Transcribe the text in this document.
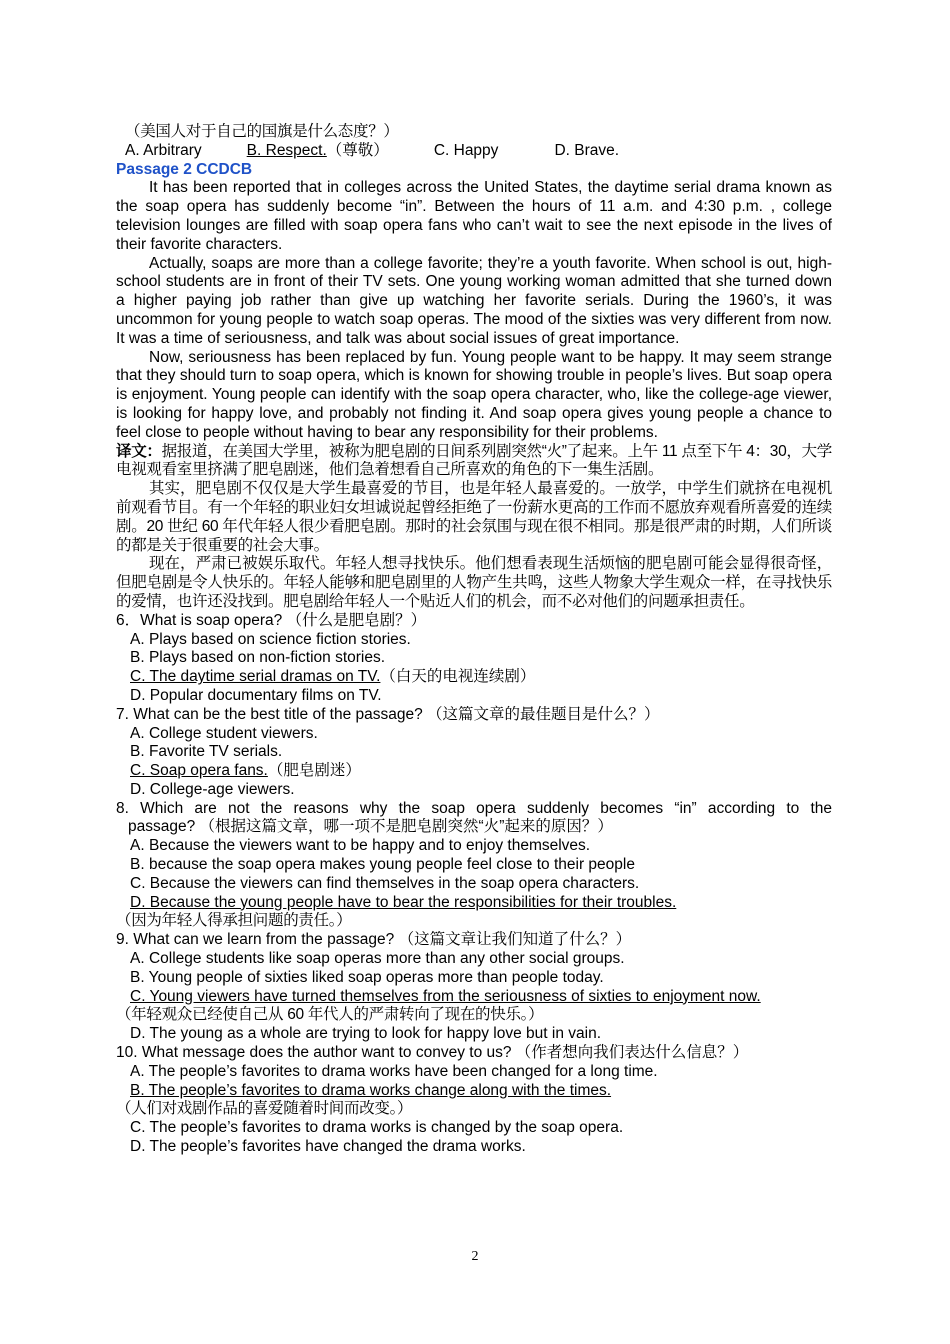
（美国人对于自己的国旗是什么态度？）
A. Arbitrary	B. Respect.（尊敬）	C. Happy	D. Brave.
Passage 2 CCDCB
It has been reported that in colleges across the United States, the daytime serial drama known as the soap opera has suddenly become “in”. Between the hours of 11 a.m. and 4:30 p.m. , college television lounges are filled with soap opera fans who can’t wait to see the next episode in the lives of their favorite characters.
Actually, soaps are more than a college favorite; they’re a youth favorite. When school is out, high-school students are in front of their TV sets. One young working woman admitted that she turned down a higher paying job rather than give up watching her favorite serials. During the 1960’s, it was uncommon for young people to watch soap operas. The mood of the sixties was very different from now. It was a time of seriousness, and talk was about social issues of great importance.
Now, seriousness has been replaced by fun. Young people want to be happy. It may seem strange that they should turn to soap opera, which is known for showing trouble in people’s lives. But soap opera is enjoyment. Young people can identify with the soap opera character, who, like the college-age viewer, is looking for happy love, and probably not finding it. And soap opera gives young people a chance to feel close to people without having to bear any responsibility for their problems.
译文：据报道，在美国大学里，被称为肥皂剧的日间系列剧突然“火”了起来。上午 11 点至下午 4：30，大学电视观看室里挤满了肥皂剧迷，他们急着想看自己所喜欢的角色的下一集生活剧。
其实，肥皂剧不仅仅是大学生最喜爱的节目，也是年轻人最喜爱的。一放学，中学生们就挤在电视机前观看节目。有一个年轻的职业妇女坦诚说起曾经拒绝了一份薪水更高的工作而不愿放弃观看所喜爱的连续剧。20 世纪 60 年代年轻人很少看肥皂剧。那时的社会氛围与现在很不相同。那是很严肃的时期，人们所谈的都是关于很重要的社会大事。
现在，严肃已被娱乐取代。年轻人想寻找快乐。他们想看表现生活烦恼的肥皂剧可能会显得很奇怪，但肥皂剧是令人快乐的。年轻人能够和肥皂剧里的人物产生共鸣，这些人物象大学生观众一样，在寻找快乐的爱情，也许还没找到。肥皂剧给年轻人一个贴近人们的机会，而不必对他们的问题承担责任。
6．What is soap opera? （什么是肥皂剧？）
A. Plays based on science fiction stories.
B. Plays based on non-fiction stories.
C. The daytime serial dramas on TV.（白天的电视连续剧）
D. Popular documentary films on TV.
7. What can be the best title of the passage? （这篇文章的最佳题目是什么？）
A. College student viewers.
B. Favorite TV serials.
C. Soap opera fans.（肥皂剧迷）
D. College-age viewers.
8. Which are not the reasons why the soap opera suddenly becomes “in” according to the
passage? （根据这篇文章，哪一项不是肥皂剧突然“火”起来的原因？）
A. Because the viewers want to be happy and to enjoy themselves.
B. because the soap opera makes young people feel close to their people
C. Because the viewers can find themselves in the soap opera characters.
D. Because the young people have to bear the responsibilities for their troubles.
（因为年轻人得承担问题的责任。）
9. What can we learn from the passage? （这篇文章让我们知道了什么？）
A. College students like soap operas more than any other social groups.
B. Young people of sixties liked soap operas more than people today.
C. Young viewers have turned themselves from the seriousness of sixties to enjoyment now.
（年轻观众已经使自己从 60 年代人的严肃转向了现在的快乐。）
D. The young as a whole are trying to look for happy love but in vain.
10. What message does the author want to convey to us? （作者想向我们表达什么信息？）
A. The people’s favorites to drama works have been changed for a long time.
B. The people’s favorites to drama works change along with the times.
（人们对戏剧作品的喜爱随着时间而改变。）
C. The people’s favorites to drama works is changed by the soap opera.
D. The people’s favorites have changed the drama works.
2
